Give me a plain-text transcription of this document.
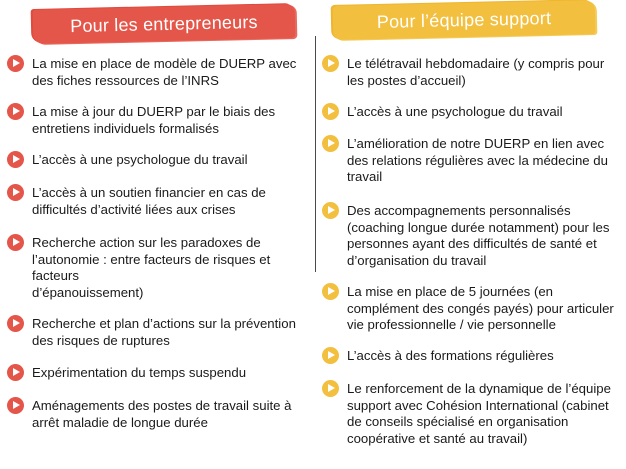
Pour les entrepreneurs	Pour l’équipe support
La mise en place de modèle de DUERP avec
des fiches ressources de l’INRS
La mise à jour du DUERP par le biais des
entretiens individuels formalisés
L’accès à une psychologue du travail
L’accès à un soutien financier en cas de
difficultés d’activité liées aux crises
Recherche action sur les paradoxes de
l’autonomie : entre facteurs de risques et
facteurs
d’épanouissement)
Recherche et plan d’actions sur la prévention
des risques de ruptures
Expérimentation du temps suspendu
Aménagements des postes de travail suite à
arrêt maladie de longue durée
Le télétravail hebdomadaire (y compris pour
les postes d’accueil)
L’accès à une psychologue du travail
L’amélioration de notre DUERP en lien avec
des relations régulières avec la médecine du
travail
Des accompagnements personnalisés
(coaching longue durée notamment) pour les
personnes ayant des difficultés de santé et
d’organisation du travail
La mise en place de 5 journées (en
complément des congés payés) pour articuler
vie professionnelle / vie personnelle
L’accès à des formations régulières
Le renforcement de la dynamique de l’équipe
support avec Cohésion International (cabinet
de conseils spécialisé en organisation
coopérative et santé au travail)
